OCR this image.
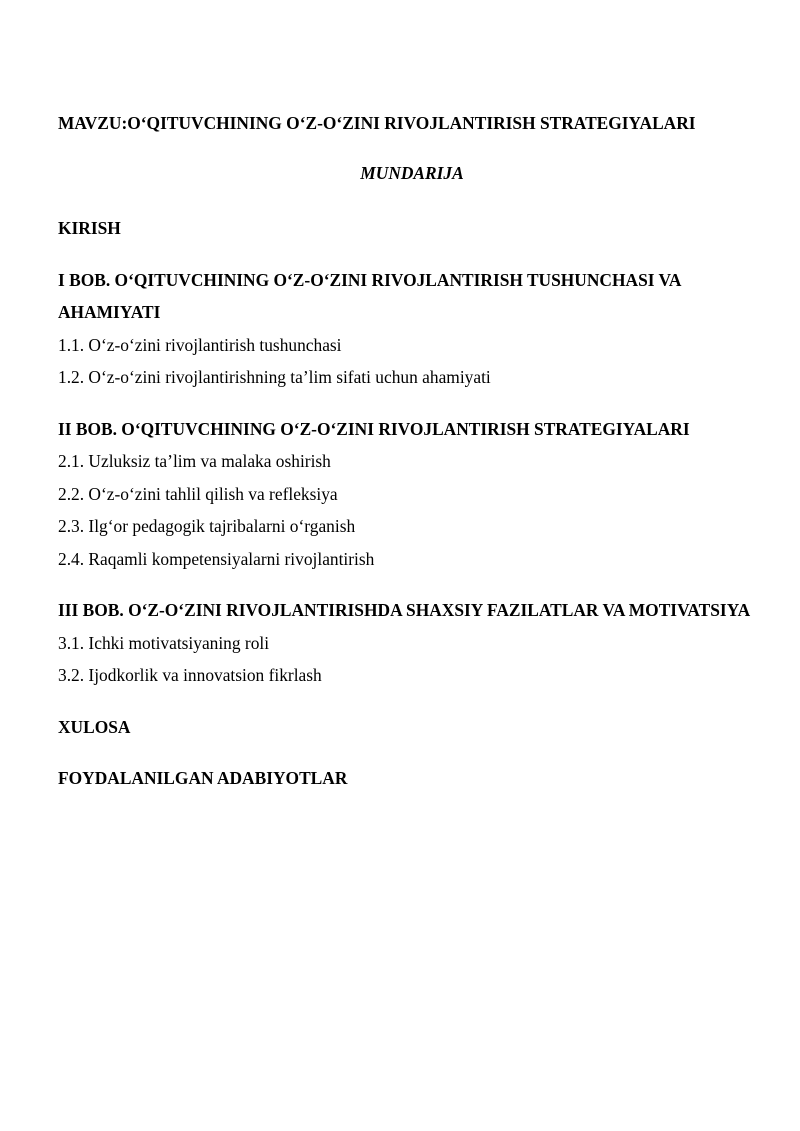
MAVZU:OʻQITUVCHINING OʻZ-OʻZINI RIVOJLANTIRISH STRATEGIYALARI
MUNDARIJA
KIRISH
I BOB. OʻQITUVCHINING OʻZ-OʻZINI RIVOJLANTIRISH TUSHUNCHASI VA AHAMIYATI
1.1. Oʻz-oʻzini rivojlantirish tushunchasi
1.2. Oʻz-oʻzini rivojlantirishning ta’lim sifati uchun ahamiyati
II BOB. OʻQITUVCHINING OʻZ-OʻZINI RIVOJLANTIRISH STRATEGIYALARI
2.1. Uzluksiz ta’lim va malaka oshirish
2.2. Oʻz-oʻzini tahlil qilish va refleksiya
2.3. Ilgʻor pedagogik tajribalarni oʻrganish
2.4. Raqamli kompetensiyalarni rivojlantirish
III BOB. OʻZ-OʻZINI RIVOJLANTIRISHDA SHAXSIY FAZILATLAR VA MOTIVATSIYA
3.1. Ichki motivatsiyaning roli
3.2. Ijodkorlik va innovatsion fikrlash
XULOSA
FOYDALANILGAN ADABIYOTLAR
